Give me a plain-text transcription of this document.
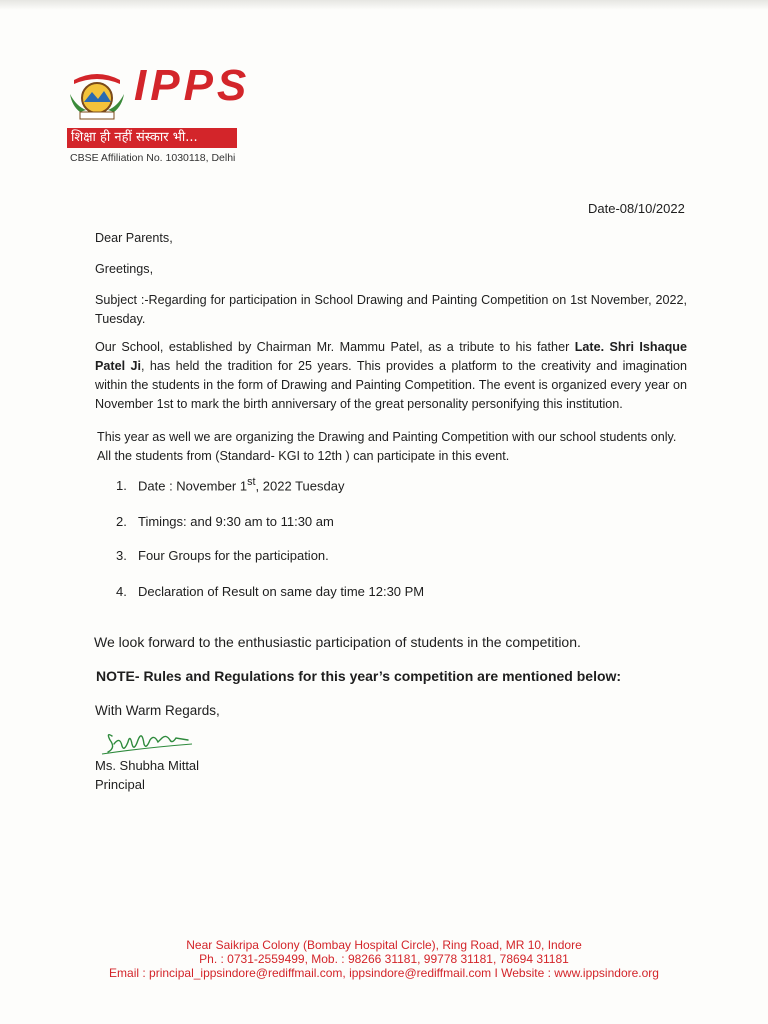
IPPS
शिक्षा ही नहीं संस्कार भी...
CBSE Affiliation No. 1030118, Delhi
Date-08/10/2022

Dear Parents,

Greetings,

Subject :-Regarding for participation in School Drawing and Painting Competition on 1st November, 2022, Tuesday.

Our School, established by Chairman Mr. Mammu Patel, as a tribute to his father Late. Shri Ishaque Patel Ji, has held the tradition for 25 years. This provides a platform to the creativity and imagination within the students in the form of Drawing and Painting Competition. The event is organized every year on November 1st to mark the birth anniversary of the great personality personifying this institution.

This year as well we are organizing the Drawing and Painting Competition with our school students only. All the students from (Standard- KGI to 12th ) can participate in this event.

1. Date : November 1st, 2022 Tuesday
2. Timings: and 9:30 am to 11:30 am
3. Four Groups for the participation.
4. Declaration of Result on same day time 12:30 PM
We look forward to the enthusiastic participation of students in the competition.
NOTE- Rules and Regulations for this year’s competition are mentioned below:
With Warm Regards,
Ms. Shubha Mittal
Principal
Near Saikripa Colony (Bombay Hospital Circle), Ring Road, MR 10, Indore
Ph. : 0731-2559499, Mob. : 98266 31181, 99778 31181, 78694 31181
Email : principal_ippsindore@rediffmail.com, ippsindore@rediffmail.com I Website : www.ippsindore.org
